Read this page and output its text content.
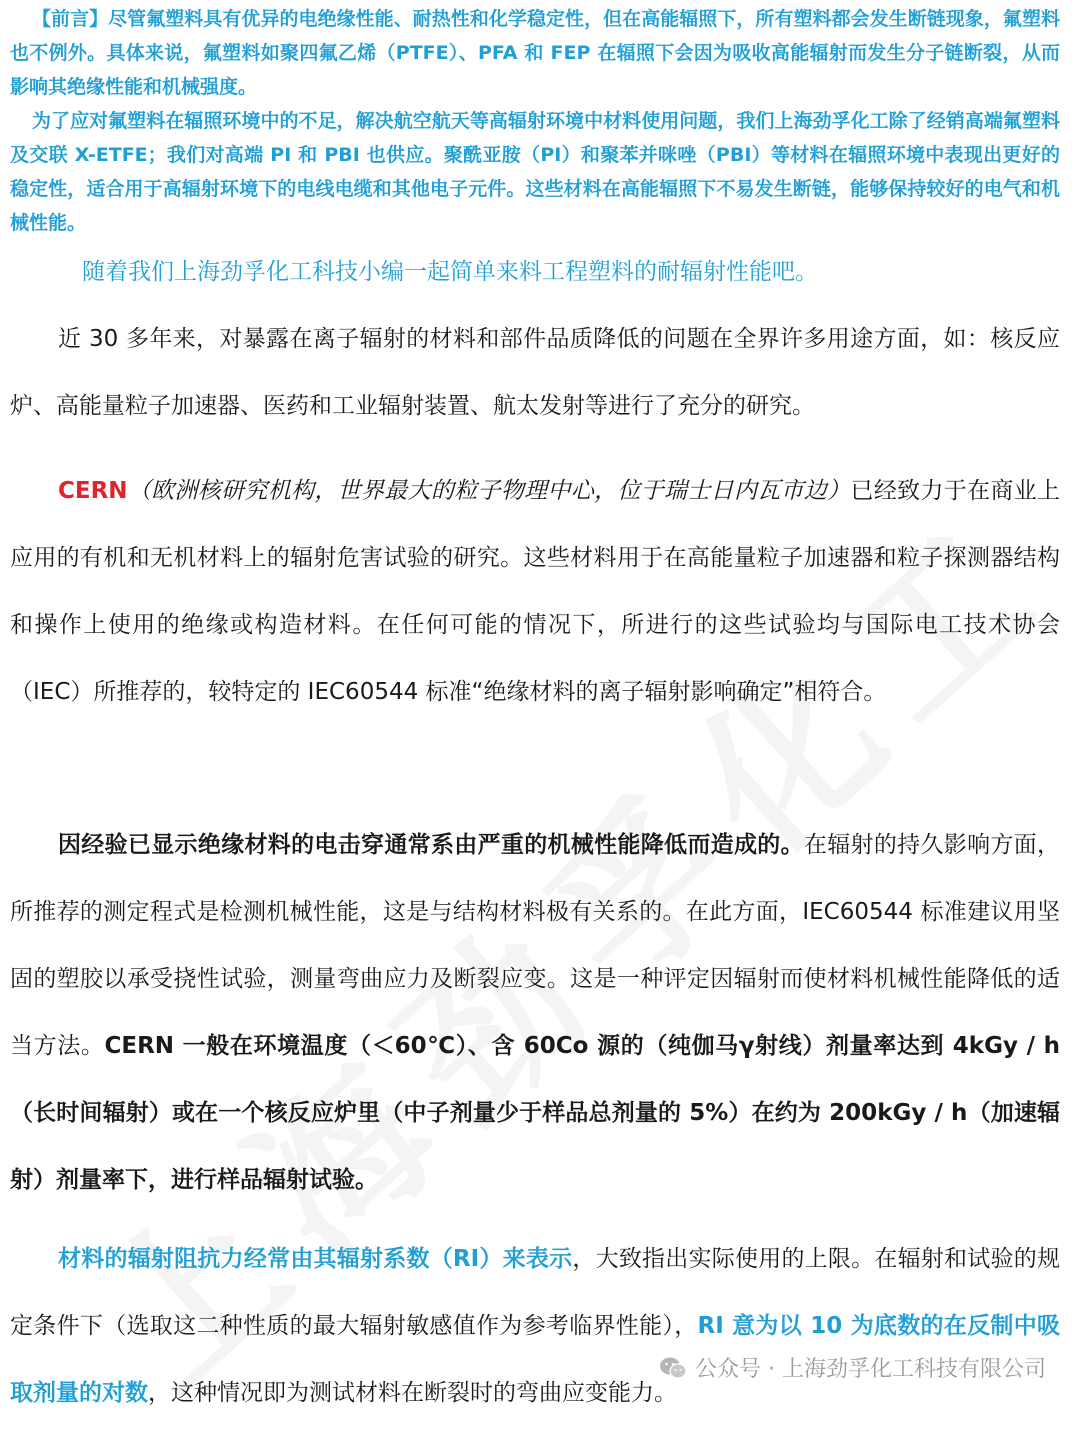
【前言】尽管氟塑料具有优异的电绝缘性能、耐热性和化学稳定性，但在高能辐照下，所有塑料都会发生断链现象，氟塑料也不例外。具体来说，氟塑料如聚四氟乙烯（PTFE）、PFA 和 FEP 在辐照下会因为吸收高能辐射而发生分子链断裂，从而影响其绝缘性能和机械强度。

为了应对氟塑料在辐照环境中的不足，解决航空航天等高辐射环境中材料使用问题，我们上海劲孚化工除了经销高端氟塑料及交联 X-ETFE；我们对高端 PI 和 PBI 也供应。聚酰亚胺（PI）和聚苯并咪唑（PBI）等材料在辐照环境中表现出更好的稳定性，适合用于高辐射环境下的电线电缆和其他电子元件。这些材料在高能辐照下不易发生断链，能够保持较好的电气和机械性能。

随着我们上海劲孚化工科技小编一起简单来料工程塑料的耐辐射性能吧。

近 30 多年来，对暴露在离子辐射的材料和部件品质降低的问题在全界许多用途方面，如：核反应炉、高能量粒子加速器、医药和工业辐射装置、航太发射等进行了充分的研究。

CERN（欧洲核研究机构，世界最大的粒子物理中心，位于瑞士日内瓦市边）已经致力于在商业上应用的有机和无机材料上的辐射危害试验的研究。这些材料用于在高能量粒子加速器和粒子探测器结构和操作上使用的绝缘或构造材料。在任何可能的情况下，所进行的这些试验均与国际电工技术协会（IEC）所推荐的，较特定的 IEC60544 标准“绝缘材料的离子辐射影响确定”相符合。

因经验已显示绝缘材料的电击穿通常系由严重的机械性能降低而造成的。在辐射的持久影响方面，所推荐的测定程式是检测机械性能，这是与结构材料极有关系的。在此方面，IEC60544 标准建议用坚固的塑胶以承受挠性试验，测量弯曲应力及断裂应变。这是一种评定因辐射而使材料机械性能降低的适当方法。CERN 一般在环境温度（＜60℃）、含 60Co 源的（纯伽马γ射线）剂量率达到 4kGy / h（长时间辐射）或在一个核反应炉里（中子剂量少于样品总剂量的 5%）在约为 200kGy / h（加速辐射）剂量率下，进行样品辐射试验。

材料的辐射阻抗力经常由其辐射系数（RI）来表示，大致指出实际使用的上限。在辐射和试验的规定条件下（选取这二种性质的最大辐射敏感值作为参考临界性能），RI 意为以 10 为底数的在反制中吸取剂量的对数，这种情况即为测试材料在断裂时的弯曲应变能力。

公众号 · 上海劲孚化工科技有限公司
